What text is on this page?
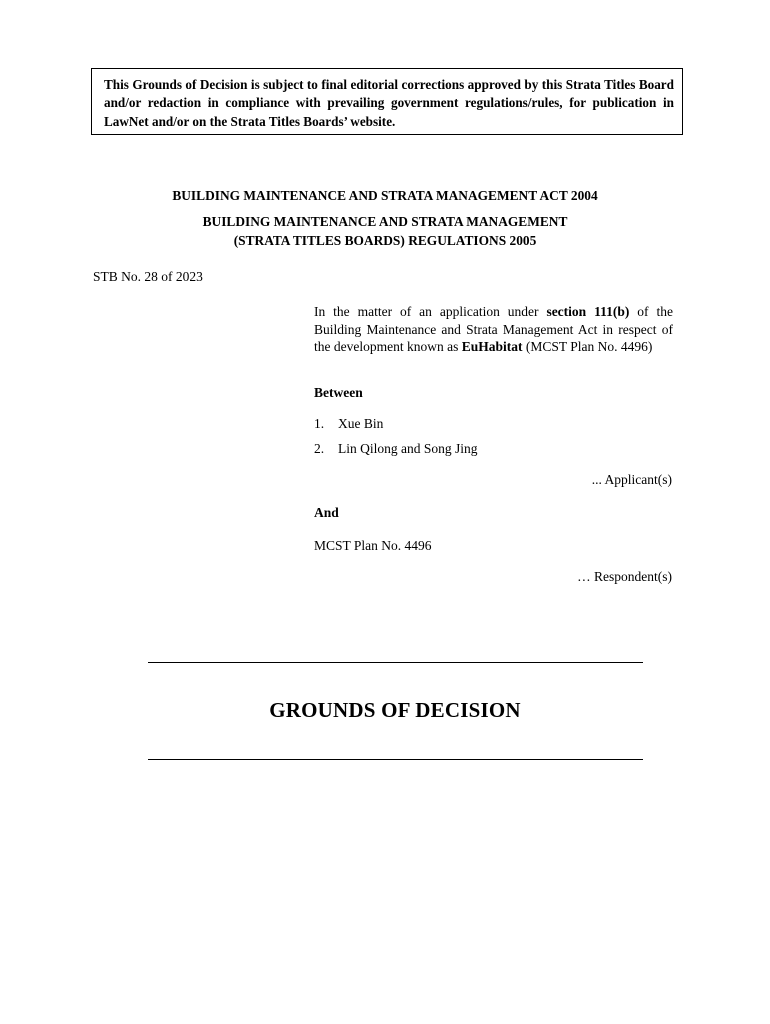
This Grounds of Decision is subject to final editorial corrections approved by this Strata Titles Board and/or redaction in compliance with prevailing government regulations/rules, for publication in LawNet and/or on the Strata Titles Boards’ website.
BUILDING MAINTENANCE AND STRATA MANAGEMENT ACT 2004
BUILDING MAINTENANCE AND STRATA MANAGEMENT
(STRATA TITLES BOARDS) REGULATIONS 2005
STB No. 28 of 2023
In the matter of an application under section 111(b) of the Building Maintenance and Strata Management Act in respect of the development known as EuHabitat (MCST Plan No. 4496)
Between
1. Xue Bin
2. Lin Qilong and Song Jing
... Applicant(s)
And
MCST Plan No. 4496
… Respondent(s)
GROUNDS OF DECISION
